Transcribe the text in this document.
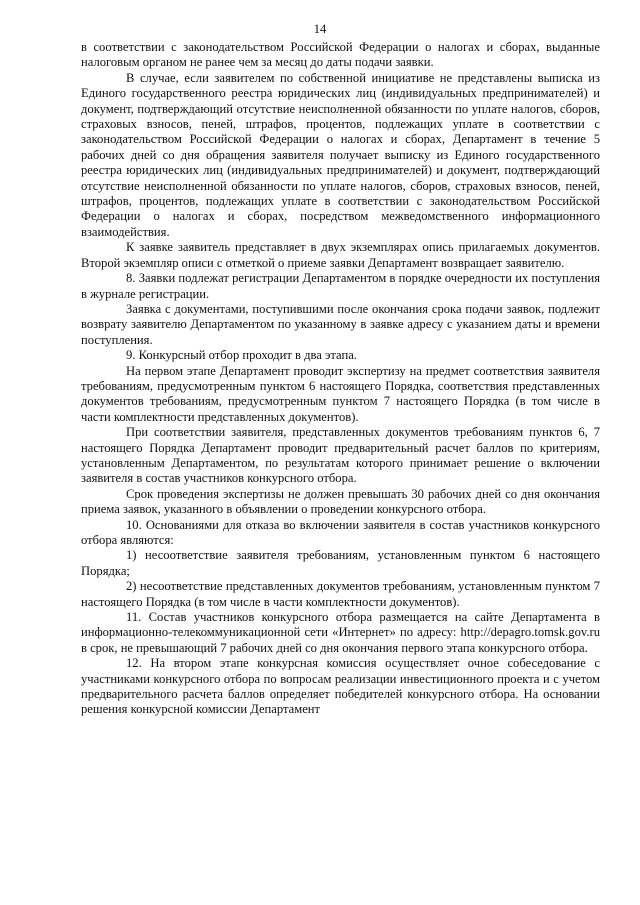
14

в соответствии с законодательством Российской Федерации о налогах и сборах, выданные налоговым органом не ранее чем за месяц до даты подачи заявки.

В случае, если заявителем по собственной инициативе не представлены выписка из Единого государственного реестра юридических лиц (индивидуальных предпринимателей) и документ, подтверждающий отсутствие неисполненной обязанности по уплате налогов, сборов, страховых взносов, пеней, штрафов, процентов, подлежащих уплате в соответствии с законодательством Российской Федерации о налогах и сборах, Департамент в течение 5 рабочих дней со дня обращения заявителя получает выписку из Единого государственного реестра юридических лиц (индивидуальных предпринимателей) и документ, подтверждающий отсутствие неисполненной обязанности по уплате налогов, сборов, страховых взносов, пеней, штрафов, процентов, подлежащих уплате в соответствии с законодательством Российской Федерации о налогах и сборах, посредством межведомственного информационного взаимодействия.

К заявке заявитель представляет в двух экземплярах опись прилагаемых документов. Второй экземпляр описи с отметкой о приеме заявки Департамент возвращает заявителю.

8. Заявки подлежат регистрации Департаментом в порядке очередности их поступления в журнале регистрации.

Заявка с документами, поступившими после окончания срока подачи заявок, подлежит возврату заявителю Департаментом по указанному в заявке адресу с указанием даты и времени поступления.

9. Конкурсный отбор проходит в два этапа.

На первом этапе Департамент проводит экспертизу на предмет соответствия заявителя требованиям, предусмотренным пунктом 6 настоящего Порядка, соответствия представленных документов требованиям, предусмотренным пунктом 7 настоящего Порядка (в том числе в части комплектности представленных документов).

При соответствии заявителя, представленных документов требованиям пунктов 6, 7 настоящего Порядка Департамент проводит предварительный расчет баллов по критериям, установленным Департаментом, по результатам которого принимает решение о включении заявителя в состав участников конкурсного отбора.

Срок проведения экспертизы не должен превышать 30 рабочих дней со дня окончания приема заявок, указанного в объявлении о проведении конкурсного отбора.

10. Основаниями для отказа во включении заявителя в состав участников конкурсного отбора являются:

1) несоответствие заявителя требованиям, установленным пунктом 6 настоящего Порядка;

2) несоответствие представленных документов требованиям, установленным пунктом 7 настоящего Порядка (в том числе в части комплектности документов).

11. Состав участников конкурсного отбора размещается на сайте Департамента в информационно-телекоммуникационной сети «Интернет» по адресу: http://depagro.tomsk.gov.ru в срок, не превышающий 7 рабочих дней со дня окончания первого этапа конкурсного отбора.

12. На втором этапе конкурсная комиссия осуществляет очное собеседование с участниками конкурсного отбора по вопросам реализации инвестиционного проекта и с учетом предварительного расчета баллов определяет победителей конкурсного отбора. На основании решения конкурсной комиссии Департамент
